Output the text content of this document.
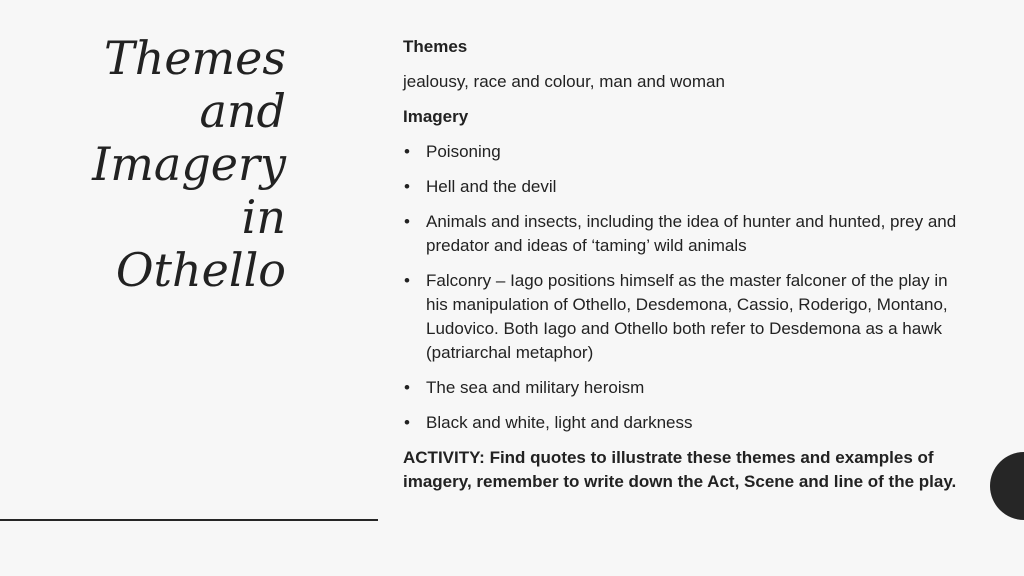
Themes
and
Imagery
in
Othello

Themes

jealousy, race and colour, man and woman

Imagery

• Poisoning
• Hell and the devil
• Animals and insects, including the idea of hunter and hunted, prey and predator and ideas of ‘taming’ wild animals
• Falconry – Iago positions himself as the master falconer of the play in his manipulation of Othello, Desdemona, Cassio, Roderigo, Montano, Ludovico. Both Iago and Othello both refer to Desdemona as a hawk (patriarchal metaphor)
• The sea and military heroism
• Black and white, light and darkness

ACTIVITY: Find quotes to illustrate these themes and examples of imagery, remember to write down the Act, Scene and line of the play.
